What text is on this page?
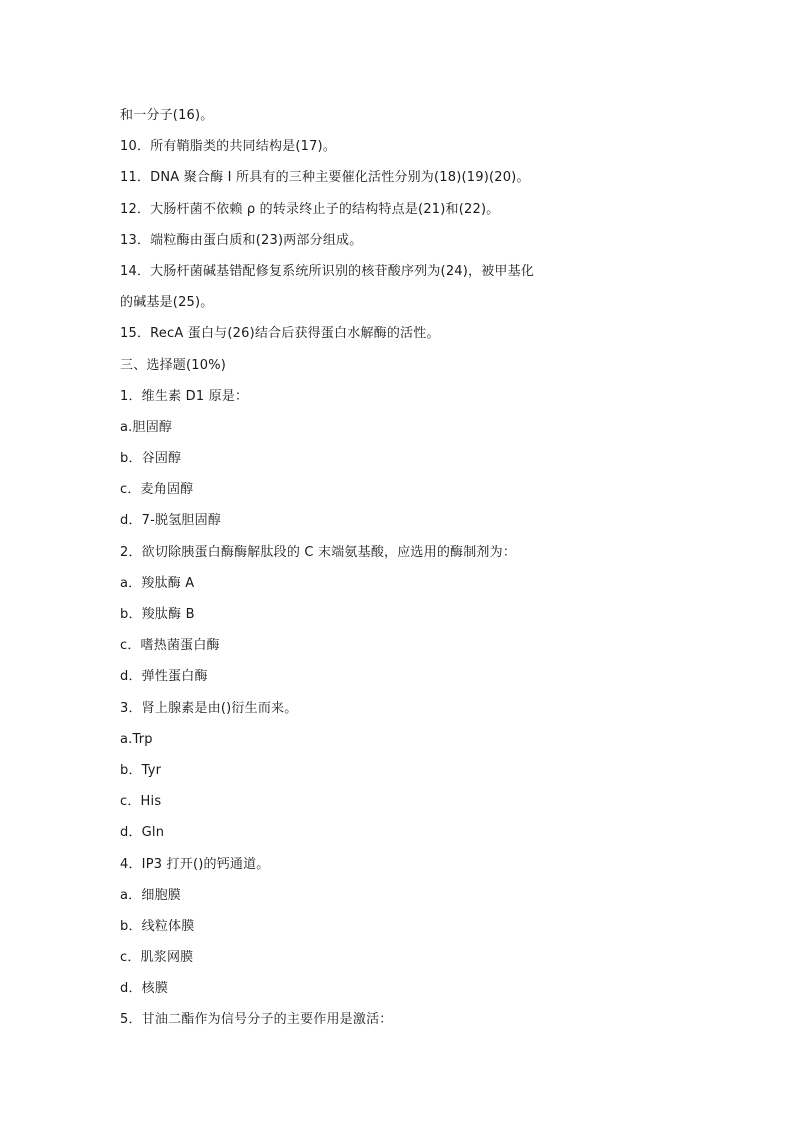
和一分子(16)。
10．所有鞘脂类的共同结构是(17)。
11．DNA 聚合酶 I 所具有的三种主要催化活性分别为(18)(19)(20)。
12．大肠杆菌不依赖 ρ 的转录终止子的结构特点是(21)和(22)。
13．端粒酶由蛋白质和(23)两部分组成。
14．大肠杆菌碱基错配修复系统所识别的核苷酸序列为(24)，被甲基化
的碱基是(25)。
15．RecA 蛋白与(26)结合后获得蛋白水解酶的活性。
三、选择题(10%)
1．维生素 D1 原是：
a.胆固醇
b．谷固醇
c．麦角固醇
d．7-脱氢胆固醇
2．欲切除胰蛋白酶酶解肽段的 C 末端氨基酸，应选用的酶制剂为：
a．羧肽酶 A
b．羧肽酶 B
c．嗜热菌蛋白酶
d．弹性蛋白酶
3．肾上腺素是由()衍生而来。
a.Trp
b．Tyr
c．His
d．Gln
4．IP3 打开()的钙通道。
a．细胞膜
b．线粒体膜
c．肌浆网膜
d．核膜
5．甘油二酯作为信号分子的主要作用是激活：
